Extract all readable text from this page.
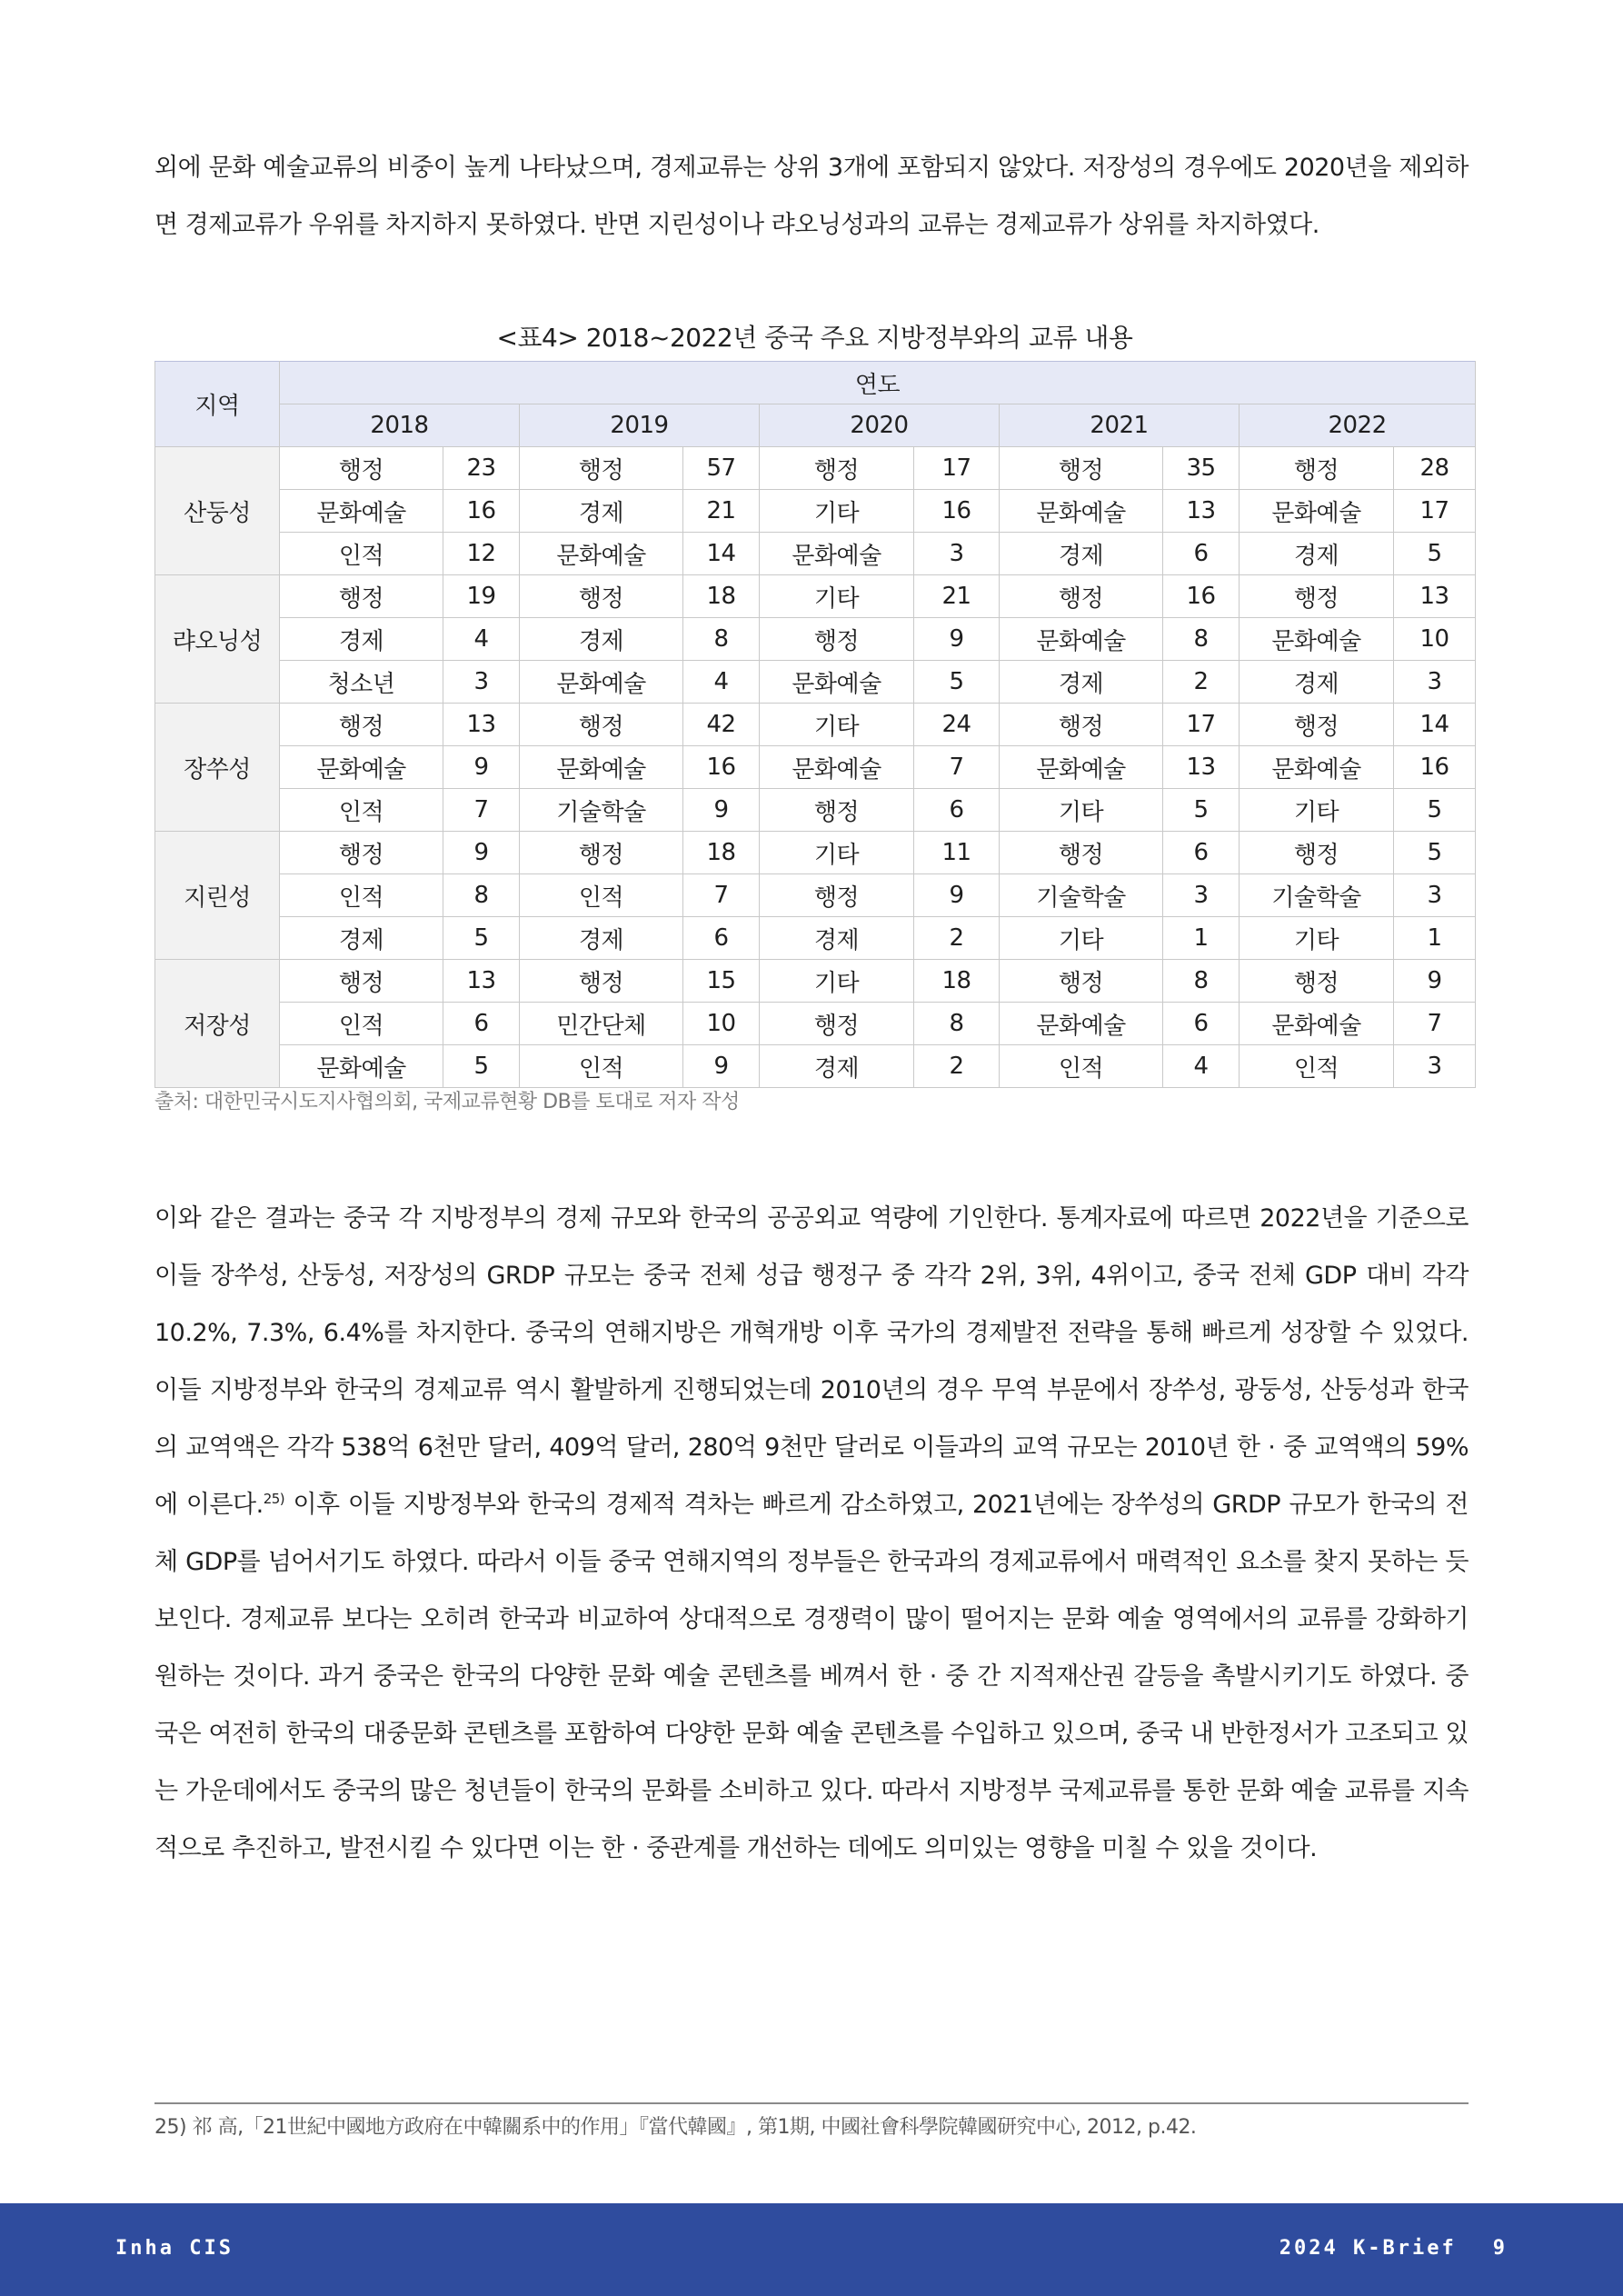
외에 문화 예술교류의 비중이 높게 나타났으며, 경제교류는 상위 3개에 포함되지 않았다. 저장성의 경우에도 2020년을 제외하면 경제교류가 우위를 차지하지 못하였다. 반면 지린성이나 랴오닝성과의 교류는 경제교류가 상위를 차지하였다.

<표4> 2018~2022년 중국 주요 지방정부와의 교류 내용
지역	연도									
	2018		2019		2020		2021		2022	
산둥성	행정	23	행정	57	행정	17	행정	35	행정	28
	문화예술	16	경제	21	기타	16	문화예술	13	문화예술	17
	인적	12	문화예술	14	문화예술	3	경제	6	경제	5
랴오닝성	행정	19	행정	18	기타	21	행정	16	행정	13
	경제	4	경제	8	행정	9	문화예술	8	문화예술	10
	청소년	3	문화예술	4	문화예술	5	경제	2	경제	3
장쑤성	행정	13	행정	42	기타	24	행정	17	행정	14
	문화예술	9	문화예술	16	문화예술	7	문화예술	13	문화예술	16
	인적	7	기술학술	9	행정	6	기타	5	기타	5
지린성	행정	9	행정	18	기타	11	행정	6	행정	5
	인적	8	인적	7	행정	9	기술학술	3	기술학술	3
	경제	5	경제	6	경제	2	기타	1	기타	1
저장성	행정	13	행정	15	기타	18	행정	8	행정	9
	인적	6	민간단체	10	행정	8	문화예술	6	문화예술	7
	문화예술	5	인적	9	경제	2	인적	4	인적	3
출처: 대한민국시도지사협의회, 국제교류현황 DB를 토대로 저자 작성

이와 같은 결과는 중국 각 지방정부의 경제 규모와 한국의 공공외교 역량에 기인한다. 통계자료에 따르면 2022년을 기준으로 이들 장쑤성, 산둥성, 저장성의 GRDP 규모는 중국 전체 성급 행정구 중 각각 2위, 3위, 4위이고, 중국 전체 GDP 대비 각각 10.2%, 7.3%, 6.4%를 차지한다. 중국의 연해지방은 개혁개방 이후 국가의 경제발전 전략을 통해 빠르게 성장할 수 있었다. 이들 지방정부와 한국의 경제교류 역시 활발하게 진행되었는데 2010년의 경우 무역 부문에서 장쑤성, 광둥성, 산둥성과 한국의 교역액은 각각 538억 6천만 달러, 409억 달러, 280억 9천만 달러로 이들과의 교역 규모는 2010년 한 · 중 교역액의 59%에 이른다.$^{25)}$ 이후 이들 지방정부와 한국의 경제적 격차는 빠르게 감소하였고, 2021년에는 장쑤성의 GRDP 규모가 한국의 전체 GDP를 넘어서기도 하였다. 따라서 이들 중국 연해지역의 정부들은 한국과의 경제교류에서 매력적인 요소를 찾지 못하는 듯 보인다. 경제교류 보다는 오히려 한국과 비교하여 상대적으로 경쟁력이 많이 떨어지는 문화 예술 영역에서의 교류를 강화하기 원하는 것이다. 과거 중국은 한국의 다양한 문화 예술 콘텐츠를 베껴서 한 · 중 간 지적재산권 갈등을 촉발시키기도 하였다. 중국은 여전히 한국의 대중문화 콘텐츠를 포함하여 다양한 문화 예술 콘텐츠를 수입하고 있으며, 중국 내 반한정서가 고조되고 있는 가운데에서도 중국의 많은 청년들이 한국의 문화를 소비하고 있다. 따라서 지방정부 국제교류를 통한 문화 예술 교류를 지속적으로 추진하고, 발전시킬 수 있다면 이는 한 · 중관계를 개선하는 데에도 의미있는 영향을 미칠 수 있을 것이다.

25) 祁 高,「21世紀中國地方政府在中韓關系中的作用」『當代韓國』, 第1期, 中國社會科學院韓國研究中心, 2012, p.42.
Inha CIS	2024 K-Brief 9
